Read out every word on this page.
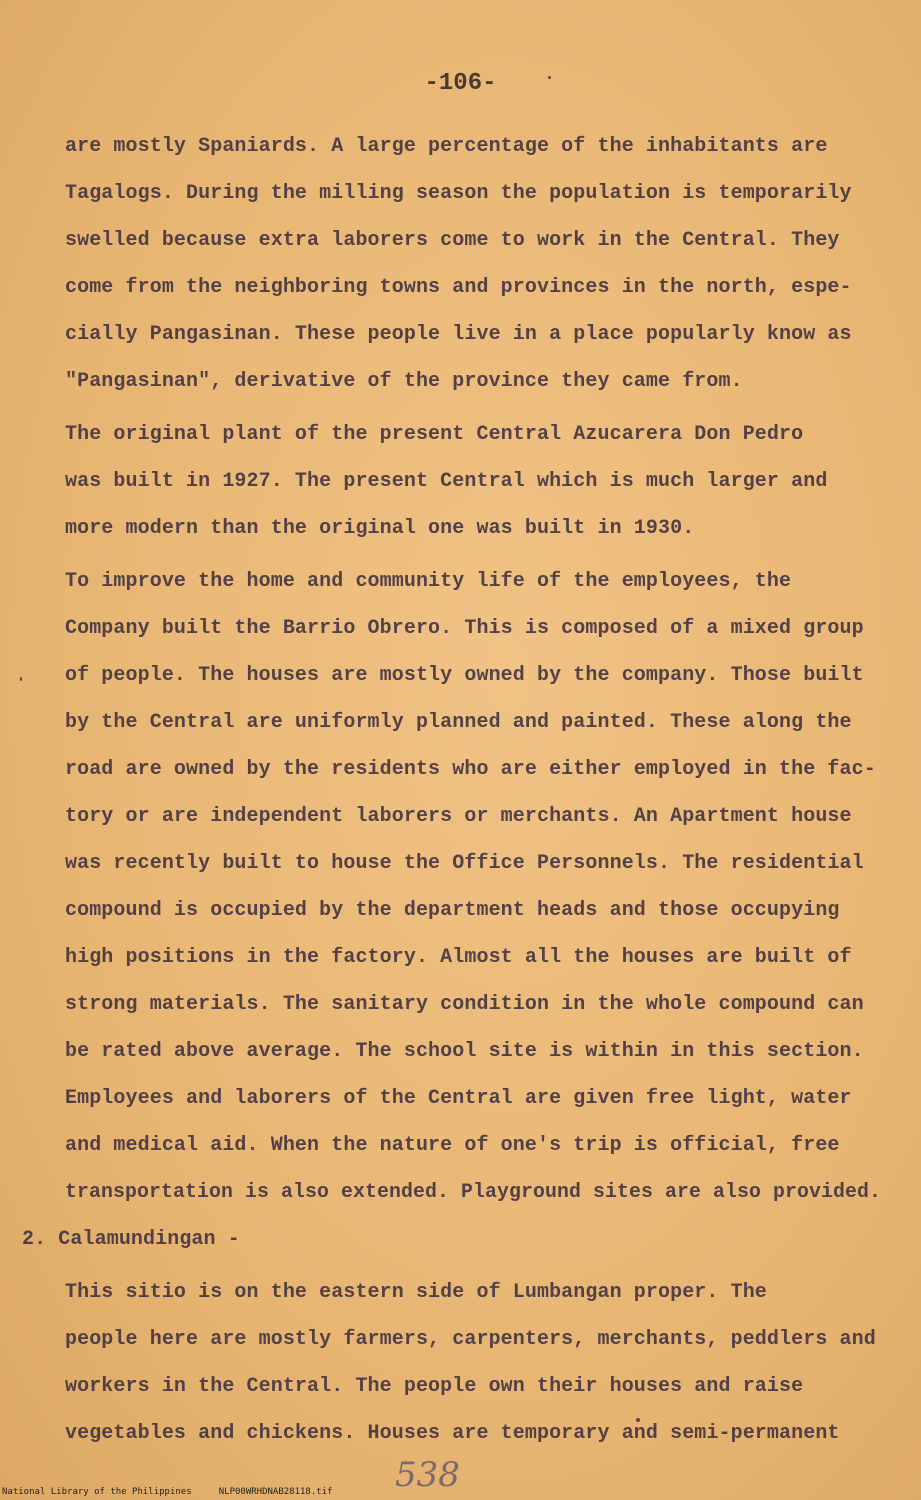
-106-
are mostly Spaniards. A large percentage of the inhabitants are
Tagalogs. During the milling season the population is temporarily
swelled because extra laborers come to work in the Central. They
come from the neighboring towns and provinces in the north, espe-
cially Pangasinan. These people live in a place popularly know as
"Pangasinan", derivative of the province they came from.
The original plant of the present Central Azucarera Don Pedro
was built in 1927. The present Central which is much larger and
more modern than the original one was built in 1930.
To improve the home and community life of the employees, the
Company built the Barrio Obrero. This is composed of a mixed group
of people. The houses are mostly owned by the company. Those built
by the Central are uniformly planned and painted. These along the
road are owned by the residents who are either employed in the fac-
tory or are independent laborers or merchants. An Apartment house
was recently built to house the Office Personnels. The residential
compound is occupied by the department heads and those occupying
high positions in the factory. Almost all the houses are built of
strong materials. The sanitary condition in the whole compound can
be rated above average. The school site is within in this section.
Employees and laborers of the Central are given free light, water
and medical aid. When the nature of one's trip is official, free
transportation is also extended. Playground sites are also provided.
2. Calamundingan -
This sitio is on the eastern side of Lumbangan proper. The
people here are mostly farmers, carpenters, merchants, peddlers and
workers in the Central. The people own their houses and raise
vegetables and chickens. Houses are temporary and semi-permanent
538
National Library of the Philippines     NLP00WRHDNAB28118.tif
